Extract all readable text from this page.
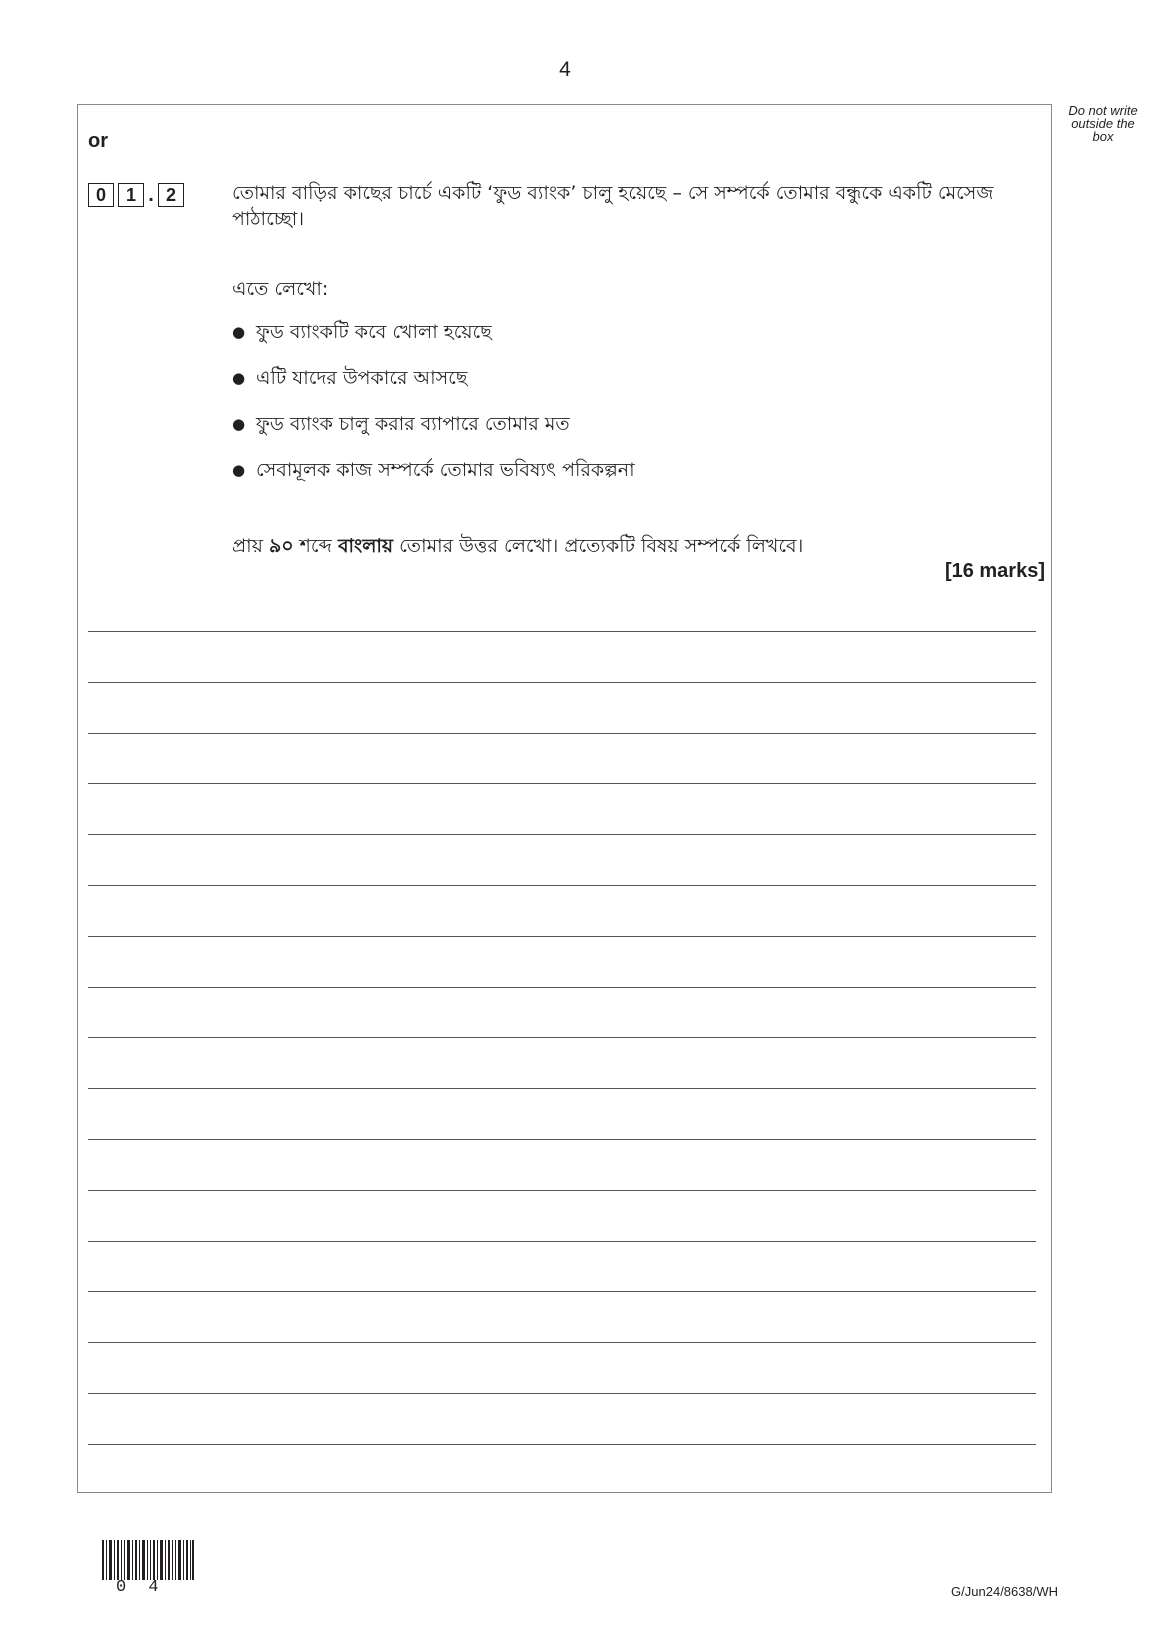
4
Do not write
outside the
box
or
0	1 . 2	তোমার বাড়ির কাছের চার্চে একটি ‘ফুড ব্যাংক’ চালু হয়েছে – সে সম্পর্কে তোমার বন্ধুকে একটি মেসেজ পাঠাচ্ছো।
এতে লেখো:
● ফুড ব্যাংকটি কবে খোলা হয়েছে
● এটি যাদের উপকারে আসছে
● ফুড ব্যাংক চালু করার ব্যাপারে তোমার মত
● সেবামূলক কাজ সম্পর্কে তোমার ভবিষ্যৎ পরিকল্পনা
প্রায় ৯০ শব্দে বাংলায় তোমার উত্তর লেখো। প্রত্যেকটি বিষয় সম্পর্কে লিখবে।
[16 marks]
0 4	G/Jun24/8638/WH
